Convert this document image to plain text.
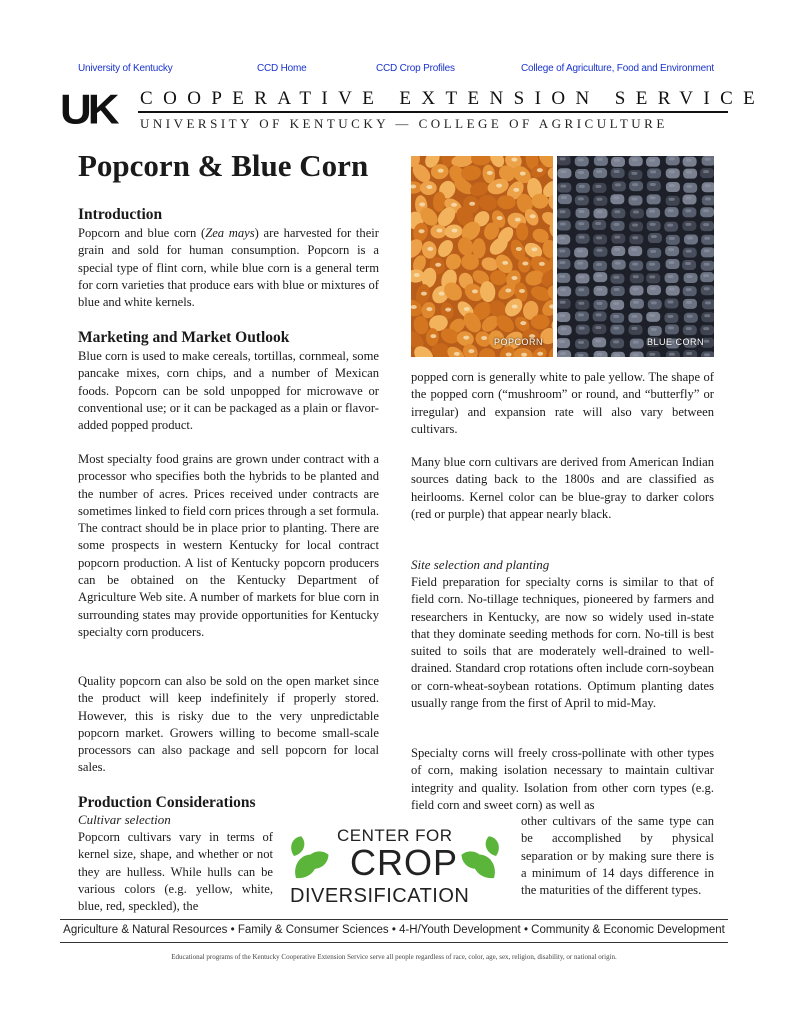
University of Kentucky	CCD Home	CCD Crop Profiles	College of Agriculture, Food and Environment
UK COOPERATIVE EXTENSION SERVICE
UNIVERSITY OF KENTUCKY — COLLEGE OF AGRICULTURE
Popcorn & Blue Corn
POPCORN	BLUE CORN
Introduction

Popcorn and blue corn (Zea mays) are harvested for their grain and sold for human consumption. Popcorn is a special type of flint corn, while blue corn is a general term for corn varieties that produce ears with blue or mixtures of blue and white kernels.

Marketing and Market Outlook

Blue corn is used to make cereals, tortillas, cornmeal, some pancake mixes, corn chips, and a number of Mexican foods. Popcorn can be sold unpopped for microwave or conventional use; or it can be packaged as a plain or flavor-added popped product.

Most specialty food grains are grown under contract with a processor who specifies both the hybrids to be planted and the number of acres. Prices received under contracts are sometimes linked to field corn prices through a set formula. The contract should be in place prior to planting. There are some prospects in western Kentucky for local contract popcorn production. A list of Kentucky popcorn producers can be obtained on the Kentucky Department of Agriculture Web site. A number of markets for blue corn in surrounding states may provide opportunities for Kentucky specialty corn producers.

Quality popcorn can also be sold on the open market since the product will keep indefinitely if properly stored. However, this is risky due to the very unpredictable popcorn market. Growers willing to become small-scale processors can also package and sell popcorn for local sales.

Production Considerations
Cultivar selection

Popcorn cultivars vary in terms of kernel size, shape, and whether or not they are hulless. While hulls can be various colors (e.g. yellow, white, blue, red, speckled), the

popped corn is generally white to pale yellow. The shape of the popped corn (“mushroom” or round, and “butterfly” or irregular) and expansion rate will also vary between cultivars.

Many blue corn cultivars are derived from American Indian sources dating back to the 1800s and are classified as heirlooms. Kernel color can be blue-gray to darker colors (red or purple) that appear nearly black.

Site selection and planting

Field preparation for specialty corns is similar to that of field corn. No-tillage techniques, pioneered by farmers and researchers in Kentucky, are now so widely used in-state that they dominate seeding methods for corn. No-till is best suited to soils that are moderately well-drained to well-drained. Standard crop rotations often include corn-soybean or corn-wheat-soybean rotations. Optimum planting dates usually range from the first of April to mid-May.

Specialty corns will freely cross-pollinate with other types of corn, making isolation necessary to maintain cultivar integrity and quality. Isolation from other corn types (e.g. field corn and sweet corn) as well as

other cultivars of the same type can be accomplished by physical separation or by making sure there is a minimum of 14 days difference in the maturities of the different types.

CENTER FOR
CROP
DIVERSIFICATION
Agriculture & Natural Resources • Family & Consumer Sciences • 4-H/Youth Development • Community & Economic Development
Educational programs of the Kentucky Cooperative Extension Service serve all people regardless of race, color, age, sex, religion, disability, or national origin.
